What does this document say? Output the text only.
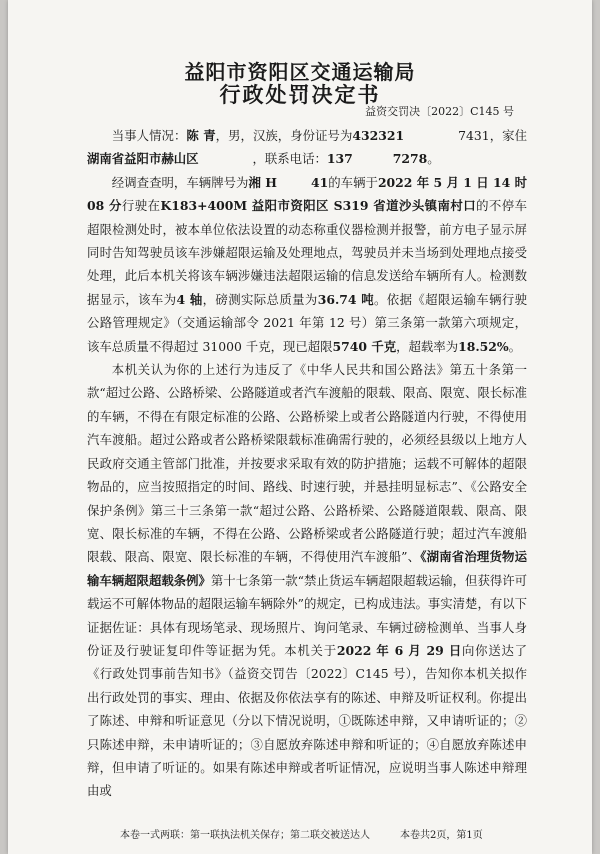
益阳市资阳区交通运输局
行政处罚决定书
益资交罚决〔2022〕C145 号

当事人情况：陈 青，男，汉族，身份证号为432321	7431，家住湖南省益阳市赫山区	，联系电话：137	7278。

经调查查明，车辆牌号为湘 H	41的车辆于2022 年 5 月 1 日 14 时 08 分行驶在K183+400M 益阳市资阳区 S319 省道沙头镇南村口的不停车超限检测处时，被本单位依法设置的动态称重仪器检测并报警，前方电子显示屏同时告知驾驶员该车涉嫌超限运输及处理地点，驾驶员并未当场到处理地点接受处理，此后本机关将该车辆涉嫌违法超限运输的信息发送给车辆所有人。检测数据显示，该车为4 轴，磅测实际总质量为36.74 吨。依据《超限运输车辆行驶公路管理规定》（交通运输部令 2021 年第 12 号）第三条第一款第六项规定，该车总质量不得超过 31000 千克，现已超限5740 千克，超载率为18.52%。

本机关认为你的上述行为违反了《中华人民共和国公路法》第五十条第一款“超过公路、公路桥梁、公路隧道或者汽车渡船的限载、限高、限宽、限长标准的车辆，不得在有限定标准的公路、公路桥梁上或者公路隧道内行驶，不得使用汽车渡船。超过公路或者公路桥梁限载标准确需行驶的，必须经县级以上地方人民政府交通主管部门批准，并按要求采取有效的防护措施；运载不可解体的超限物品的，应当按照指定的时间、路线、时速行驶，并悬挂明显标志”、《公路安全保护条例》第三十三条第一款“超过公路、公路桥梁、公路隧道限载、限高、限宽、限长标准的车辆，不得在公路、公路桥梁或者公路隧道行驶；超过汽车渡船限载、限高、限宽、限长标准的车辆，不得使用汽车渡船”、《湖南省治理货物运输车辆超限超载条例》第十七条第一款“禁止货运车辆超限超载运输，但获得许可载运不可解体物品的超限运输车辆除外”的规定，已构成违法。事实清楚，有以下证据佐证：具体有现场笔录、现场照片、询问笔录、车辆过磅检测单、当事人身份证及行驶证复印件等证据为凭。本机关于2022 年 6 月 29 日向你送达了《行政处罚事前告知书》（益资交罚告〔2022〕C145 号），告知你本机关拟作出行政处罚的事实、理由、依据及你依法享有的陈述、申辩及听证权利。你提出了陈述、申辩和听证意见（分以下情况说明，①既陈述申辩，又申请听证的；②只陈述申辩，未申请听证的；③自愿放弃陈述申辩和听证的；④自愿放弃陈述申辩，但申请了听证的。如果有陈述申辩或者听证情况，应说明当事人陈述申辩理由或

本卷一式两联：第一联执法机关保存；第二联交被送达人	本卷共2页，第1页
